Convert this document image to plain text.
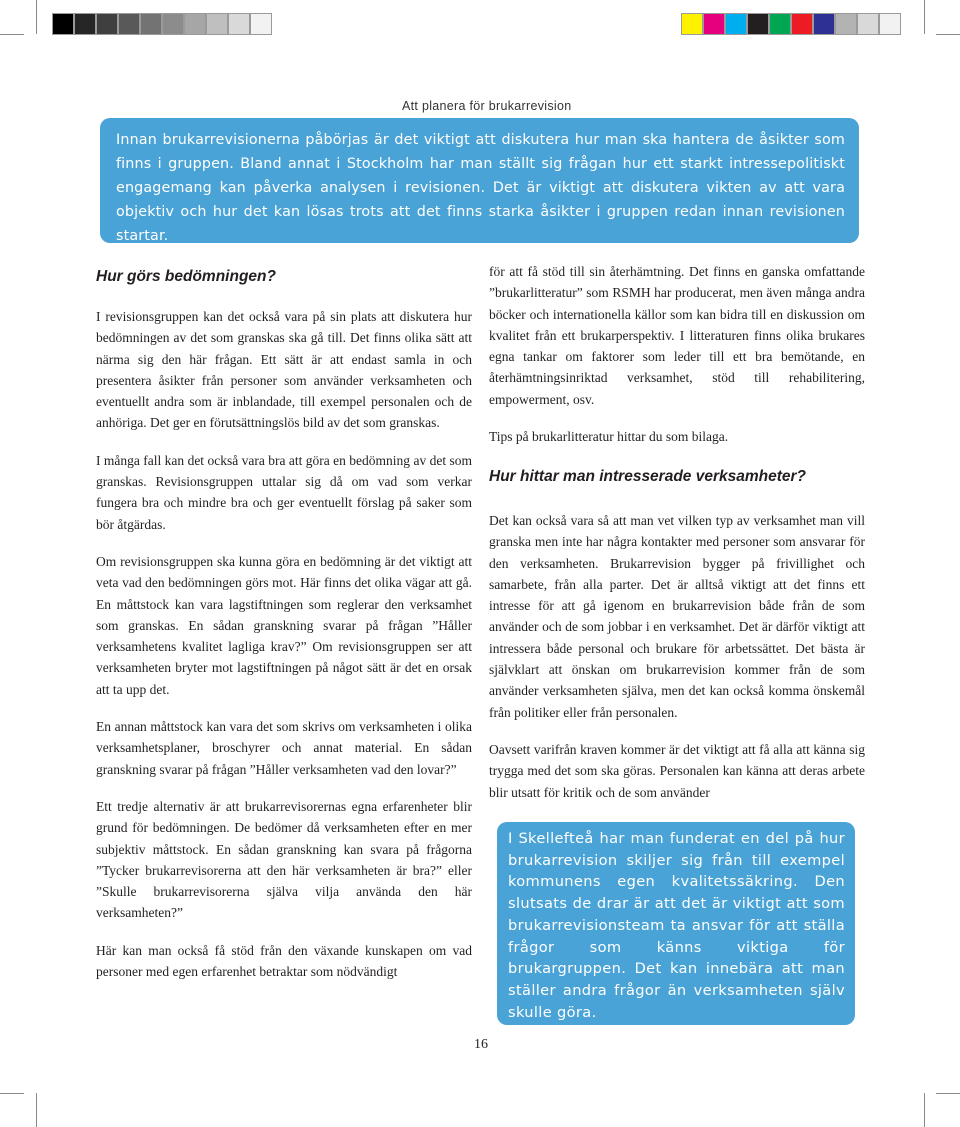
Att planera för brukarrevision

Innan brukarrevisionerna påbörjas är det viktigt att diskutera hur man ska hantera de åsikter som finns i gruppen. Bland annat i Stockholm har man ställt sig frågan hur ett starkt intressepolitiskt engagemang kan påverka analysen i revisionen. Det är viktigt att diskutera vikten av att vara objektiv och hur det kan lösas trots att det finns starka åsikter i gruppen redan innan revisionen startar.

Hur görs bedömningen?

I revisionsgruppen kan det också vara på sin plats att diskutera hur bedömningen av det som granskas ska gå till. Det finns olika sätt att närma sig den här frågan. Ett sätt är att endast samla in och presentera åsikter från personer som använder verksamheten och eventuellt andra som är inblandade, till exempel personalen och de anhöriga. Det ger en förutsättningslös bild av det som granskas.

I många fall kan det också vara bra att göra en bedömning av det som granskas. Revisionsgruppen uttalar sig då om vad som verkar fungera bra och mindre bra och ger eventuellt förslag på saker som bör åtgärdas.

Om revisionsgruppen ska kunna göra en bedömning är det viktigt att veta vad den bedömningen görs mot. Här finns det olika vägar att gå. En måttstock kan vara lagstiftningen som reglerar den verksamhet som granskas. En sådan granskning svarar på frågan ”Håller verksamhetens kvalitet lagliga krav?” Om revisionsgruppen ser att verksamheten bryter mot lagstiftningen på något sätt är det en orsak att ta upp det.

En annan måttstock kan vara det som skrivs om verksamheten i olika verksamhetsplaner, broschyrer och annat material. En sådan granskning svarar på frågan ”Håller verksamheten vad den lovar?”

Ett tredje alternativ är att brukarrevisorernas egna erfarenheter blir grund för bedömningen. De bedömer då verksamheten efter en mer subjektiv måttstock. En sådan granskning kan svara på frågorna ”Tycker brukarrevisorerna att den här verksamheten är bra?” eller ”Skulle brukarrevisorerna själva vilja använda den här verksamheten?”

Här kan man också få stöd från den växande kunskapen om vad personer med egen erfarenhet betraktar som nödvändigt

för att få stöd till sin återhämtning. Det finns en ganska omfattande ”brukarlitteratur” som RSMH har producerat, men även många andra böcker och internationella källor som kan bidra till en diskussion om kvalitet från ett brukarperspektiv. I litteraturen finns olika brukares egna tankar om faktorer som leder till ett bra bemötande, en återhämtningsinriktad verksamhet, stöd till rehabilitering, empowerment, osv.

Tips på brukarlitteratur hittar du som bilaga.

Hur hittar man intresserade verksamheter?

Det kan också vara så att man vet vilken typ av verksamhet man vill granska men inte har några kontakter med personer som ansvarar för den verksamheten. Brukarrevision bygger på frivillighet och samarbete, från alla parter. Det är alltså viktigt att det finns ett intresse för att gå igenom en brukarrevision både från de som använder och de som jobbar i en verksamhet. Det är därför viktigt att intressera både personal och brukare för arbetssättet. Det bästa är självklart att önskan om brukarrevision kommer från de som använder verksamheten själva, men det kan också komma önskemål från politiker eller från personalen.

Oavsett varifrån kraven kommer är det viktigt att få alla att känna sig trygga med det som ska göras. Personalen kan känna att deras arbete blir utsatt för kritik och de som använder

I Skellefteå har man funderat en del på hur brukarrevision skiljer sig från till exempel kommunens egen kvalitetssäkring. Den slutsats de drar är att det är viktigt att som brukarrevisionsteam ta ansvar för att ställa frågor som känns viktiga för brukargruppen. Det kan innebära att man ställer andra frågor än verksamheten själv skulle göra.

16
